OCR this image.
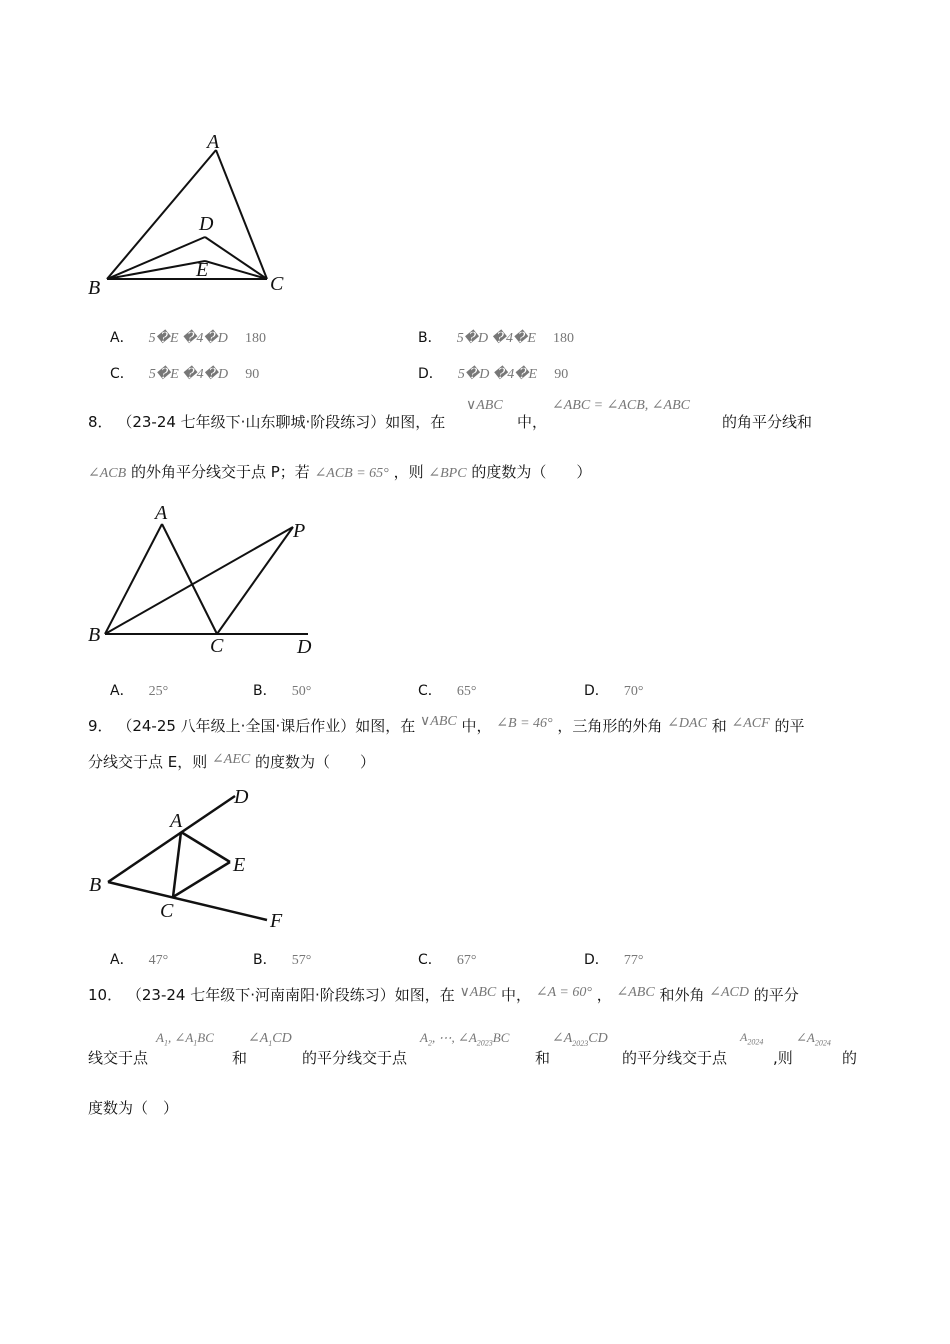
A
D
E
B	C
A． 5�E �4�D 180	B． 5�D �4�E 180
C． 5�E �4�D 90	D． 5�D �4�E 90
8． （23-24 七年级下·山东聊城·阶段练习）如图，在
∨ABC
中，
∠ABC = ∠ACB, ∠ABC
的角平分线和
∠ACB 的外角平分线交于点 P；若 ∠ACB = 65° ，则 ∠BPC 的度数为（　　）
A
P
B	C	D
A． 25°	B． 50°	C． 65°	D． 70°
9． （24-25 八年级上·全国·课后作业）如图，在 ∨ABC 中， ∠B = 46° ，三角形的外角 ∠DAC 和 ∠ACF 的平
分线交于点 E，则 ∠AEC 的度数为（　　）
D
A
E
B
C	F
A． 47°	B． 57°	C． 67°	D． 77°
10． （23-24 七年级下·河南南阳·阶段练习）如图，在 ∨ABC 中， ∠A = 60° ， ∠ABC 和外角 ∠ACD 的平分
线交于点
$A_1$, $\angle A_1BC$
和
$\angle A_1CD$
的平分线交于点
$A_2$, ⋯, $\angle A_{2023}BC$
和
$\angle A_{2023}CD$
的平分线交于点
$A_{2024}$
,则
$\angle A_{2024}$
的
度数为（　）
